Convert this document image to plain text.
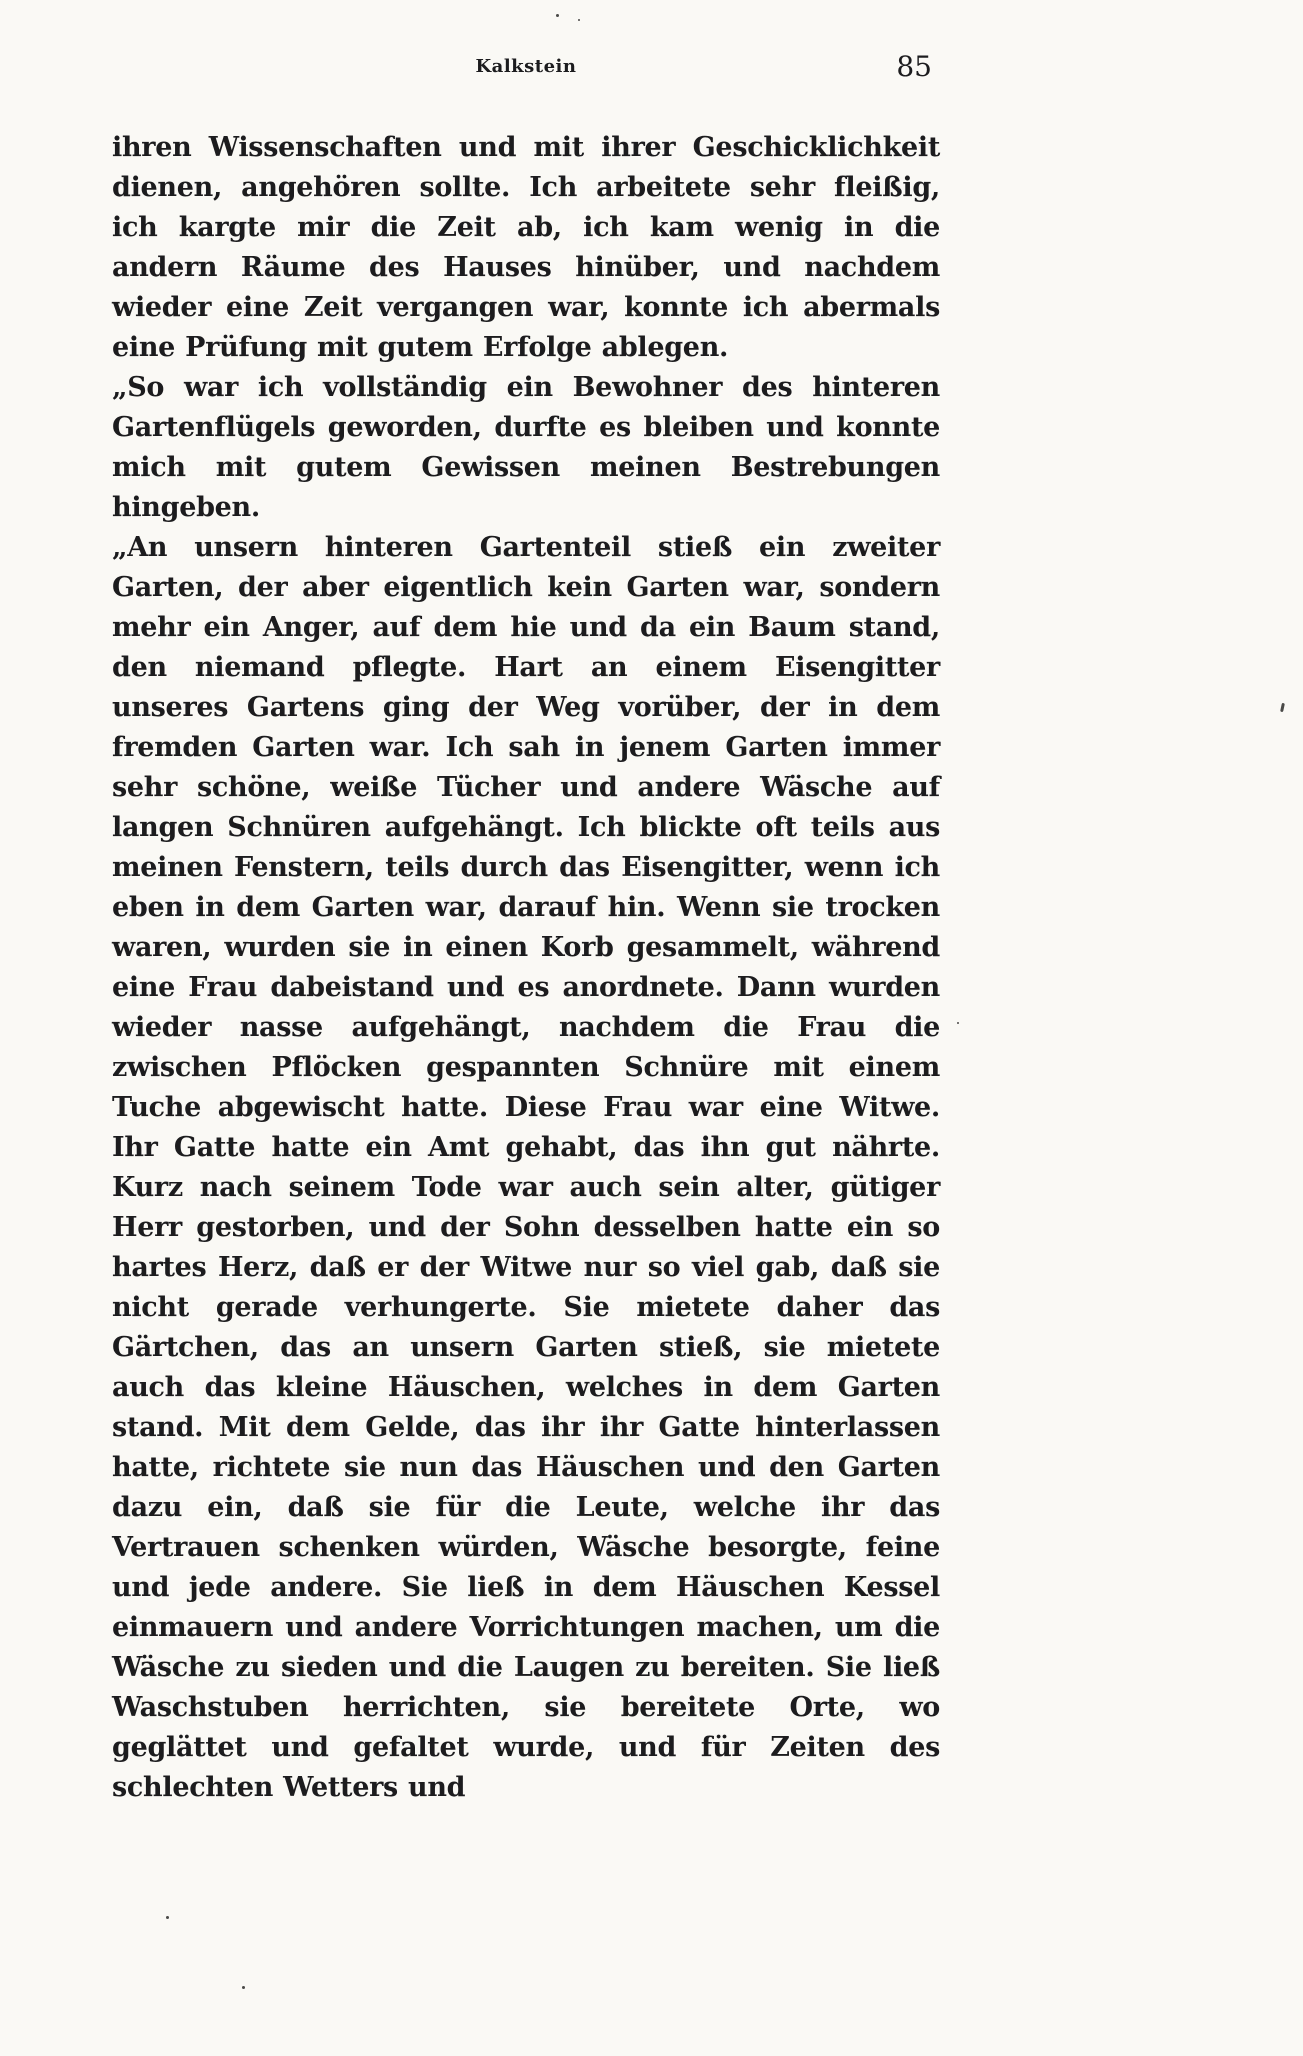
Kalkstein	85

ihren Wissenschaften und mit ihrer Geschicklichkeit dienen, angehören sollte. Ich arbeitete sehr fleißig, ich kargte mir die Zeit ab, ich kam wenig in die andern Räume des Hauses hinüber, und nachdem wieder eine Zeit vergangen war, konnte ich abermals eine Prüfung mit gutem Erfolge ablegen.

„So war ich vollständig ein Bewohner des hinteren Gartenflügels geworden, durfte es bleiben und konnte mich mit gutem Gewissen meinen Bestrebungen hingeben.

„An unsern hinteren Gartenteil stieß ein zweiter Garten, der aber eigentlich kein Garten war, sondern mehr ein Anger, auf dem hie und da ein Baum stand, den niemand pflegte. Hart an einem Eisengitter unseres Gartens ging der Weg vorüber, der in dem fremden Garten war. Ich sah in jenem Garten immer sehr schöne, weiße Tücher und andere Wäsche auf langen Schnüren aufgehängt. Ich blickte oft teils aus meinen Fenstern, teils durch das Eisengitter, wenn ich eben in dem Garten war, darauf hin. Wenn sie trocken waren, wurden sie in einen Korb gesammelt, während eine Frau dabeistand und es anordnete. Dann wurden wieder nasse aufgehängt, nachdem die Frau die zwischen Pflöcken gespannten Schnüre mit einem Tuche abgewischt hatte. Diese Frau war eine Witwe. Ihr Gatte hatte ein Amt gehabt, das ihn gut nährte. Kurz nach seinem Tode war auch sein alter, gütiger Herr gestorben, und der Sohn desselben hatte ein so hartes Herz, daß er der Witwe nur so viel gab, daß sie nicht gerade verhungerte. Sie mietete daher das Gärtchen, das an unsern Garten stieß, sie mietete auch das kleine Häuschen, welches in dem Garten stand. Mit dem Gelde, das ihr ihr Gatte hinterlassen hatte, richtete sie nun das Häuschen und den Garten dazu ein, daß sie für die Leute, welche ihr das Vertrauen schenken würden, Wäsche besorgte, feine und jede andere. Sie ließ in dem Häuschen Kessel einmauern und andere Vorrichtungen machen, um die Wäsche zu sieden und die Laugen zu bereiten. Sie ließ Waschstuben herrichten, sie bereitete Orte, wo geglättet und gefaltet wurde, und für Zeiten des schlechten Wetters und
